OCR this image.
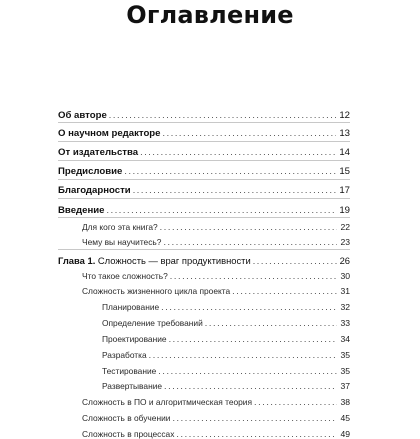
Оглавление
Об авторе .....	12
О научном редакторе .....	13
От издательства .....	14
Предисловие .....	15
Благодарности .....	17
Введение .....	19
Для кого эта книга? .....	22
Чему вы научитесь? .....	23
Глава 1. Сложность — враг продуктивности .....	26
Что такое сложность? .....	30
Сложность жизненного цикла проекта .....	31
Планирование .....	32
Определение требований .....	33
Проектирование .....	34
Разработка .....	35
Тестирование .....	35
Развертывание .....	37
Сложность в ПО и алгоритмическая теория .....	38
Сложность в обучении .....	45
Сложность в процессах .....	49
